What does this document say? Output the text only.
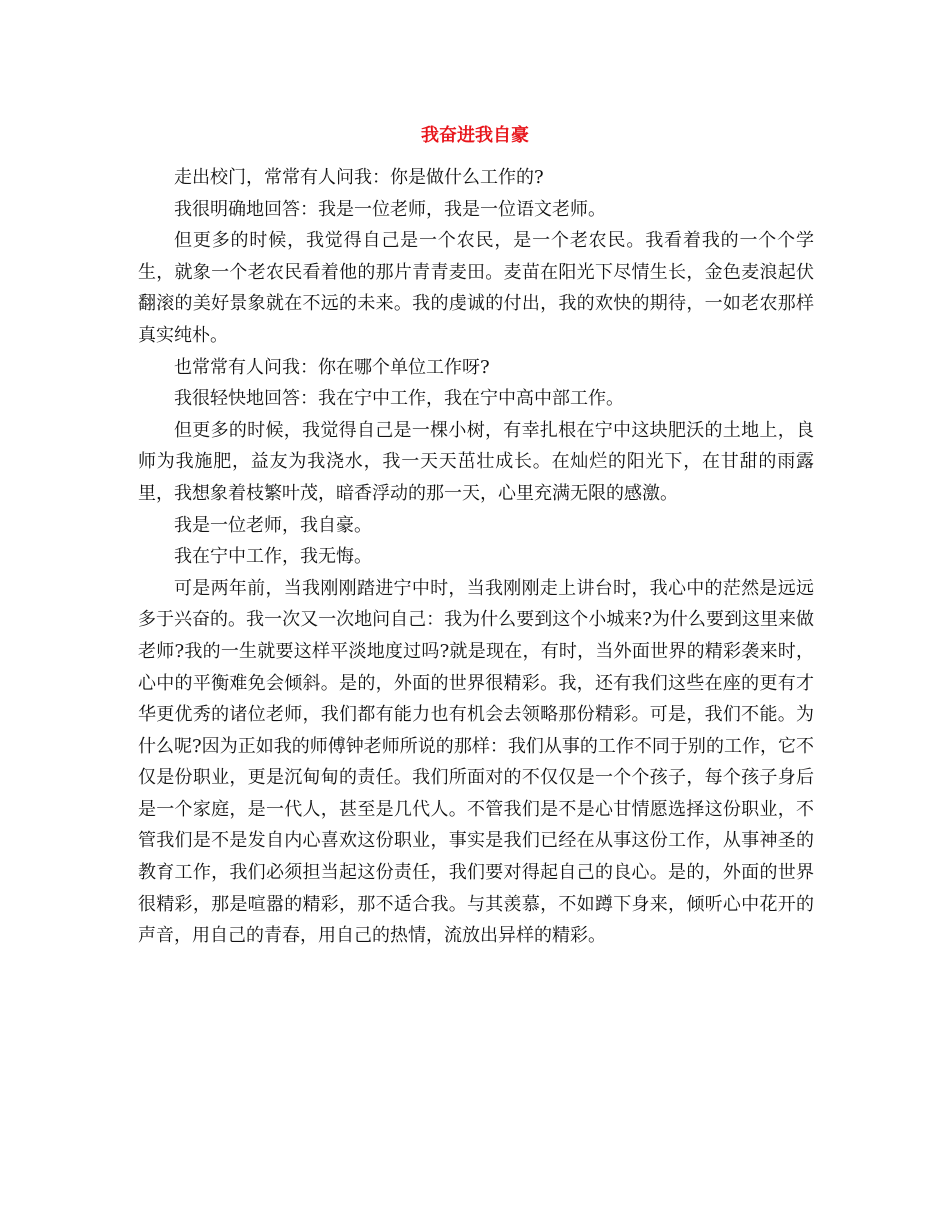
我奋进我自豪

走出校门，常常有人问我：你是做什么工作的?

我很明确地回答：我是一位老师，我是一位语文老师。

但更多的时候，我觉得自己是一个农民，是一个老农民。我看着我的一个个学生，就象一个老农民看着他的那片青青麦田。麦苗在阳光下尽情生长，金色麦浪起伏翻滚的美好景象就在不远的未来。我的虔诚的付出，我的欢快的期待，一如老农那样真实纯朴。

也常常有人问我：你在哪个单位工作呀?

我很轻快地回答：我在宁中工作，我在宁中高中部工作。

但更多的时候，我觉得自己是一棵小树，有幸扎根在宁中这块肥沃的土地上，良师为我施肥，益友为我浇水，我一天天茁壮成长。在灿烂的阳光下，在甘甜的雨露里，我想象着枝繁叶茂，暗香浮动的那一天，心里充满无限的感激。

我是一位老师，我自豪。

我在宁中工作，我无悔。

可是两年前，当我刚刚踏进宁中时，当我刚刚走上讲台时，我心中的茫然是远远多于兴奋的。我一次又一次地问自己：我为什么要到这个小城来?为什么要到这里来做老师?我的一生就要这样平淡地度过吗?就是现在，有时，当外面世界的精彩袭来时，心中的平衡难免会倾斜。是的，外面的世界很精彩。我，还有我们这些在座的更有才华更优秀的诸位老师，我们都有能力也有机会去领略那份精彩。可是，我们不能。为什么呢?因为正如我的师傅钟老师所说的那样：我们从事的工作不同于别的工作，它不仅是份职业，更是沉甸甸的责任。我们所面对的不仅仅是一个个孩子，每个孩子身后是一个家庭，是一代人，甚至是几代人。不管我们是不是心甘情愿选择这份职业，不管我们是不是发自内心喜欢这份职业，事实是我们已经在从事这份工作，从事神圣的教育工作，我们必须担当起这份责任，我们要对得起自己的良心。是的，外面的世界很精彩，那是喧嚣的精彩，那不适合我。与其羡慕，不如蹲下身来，倾听心中花开的声音，用自己的青春，用自己的热情，流放出异样的精彩。
